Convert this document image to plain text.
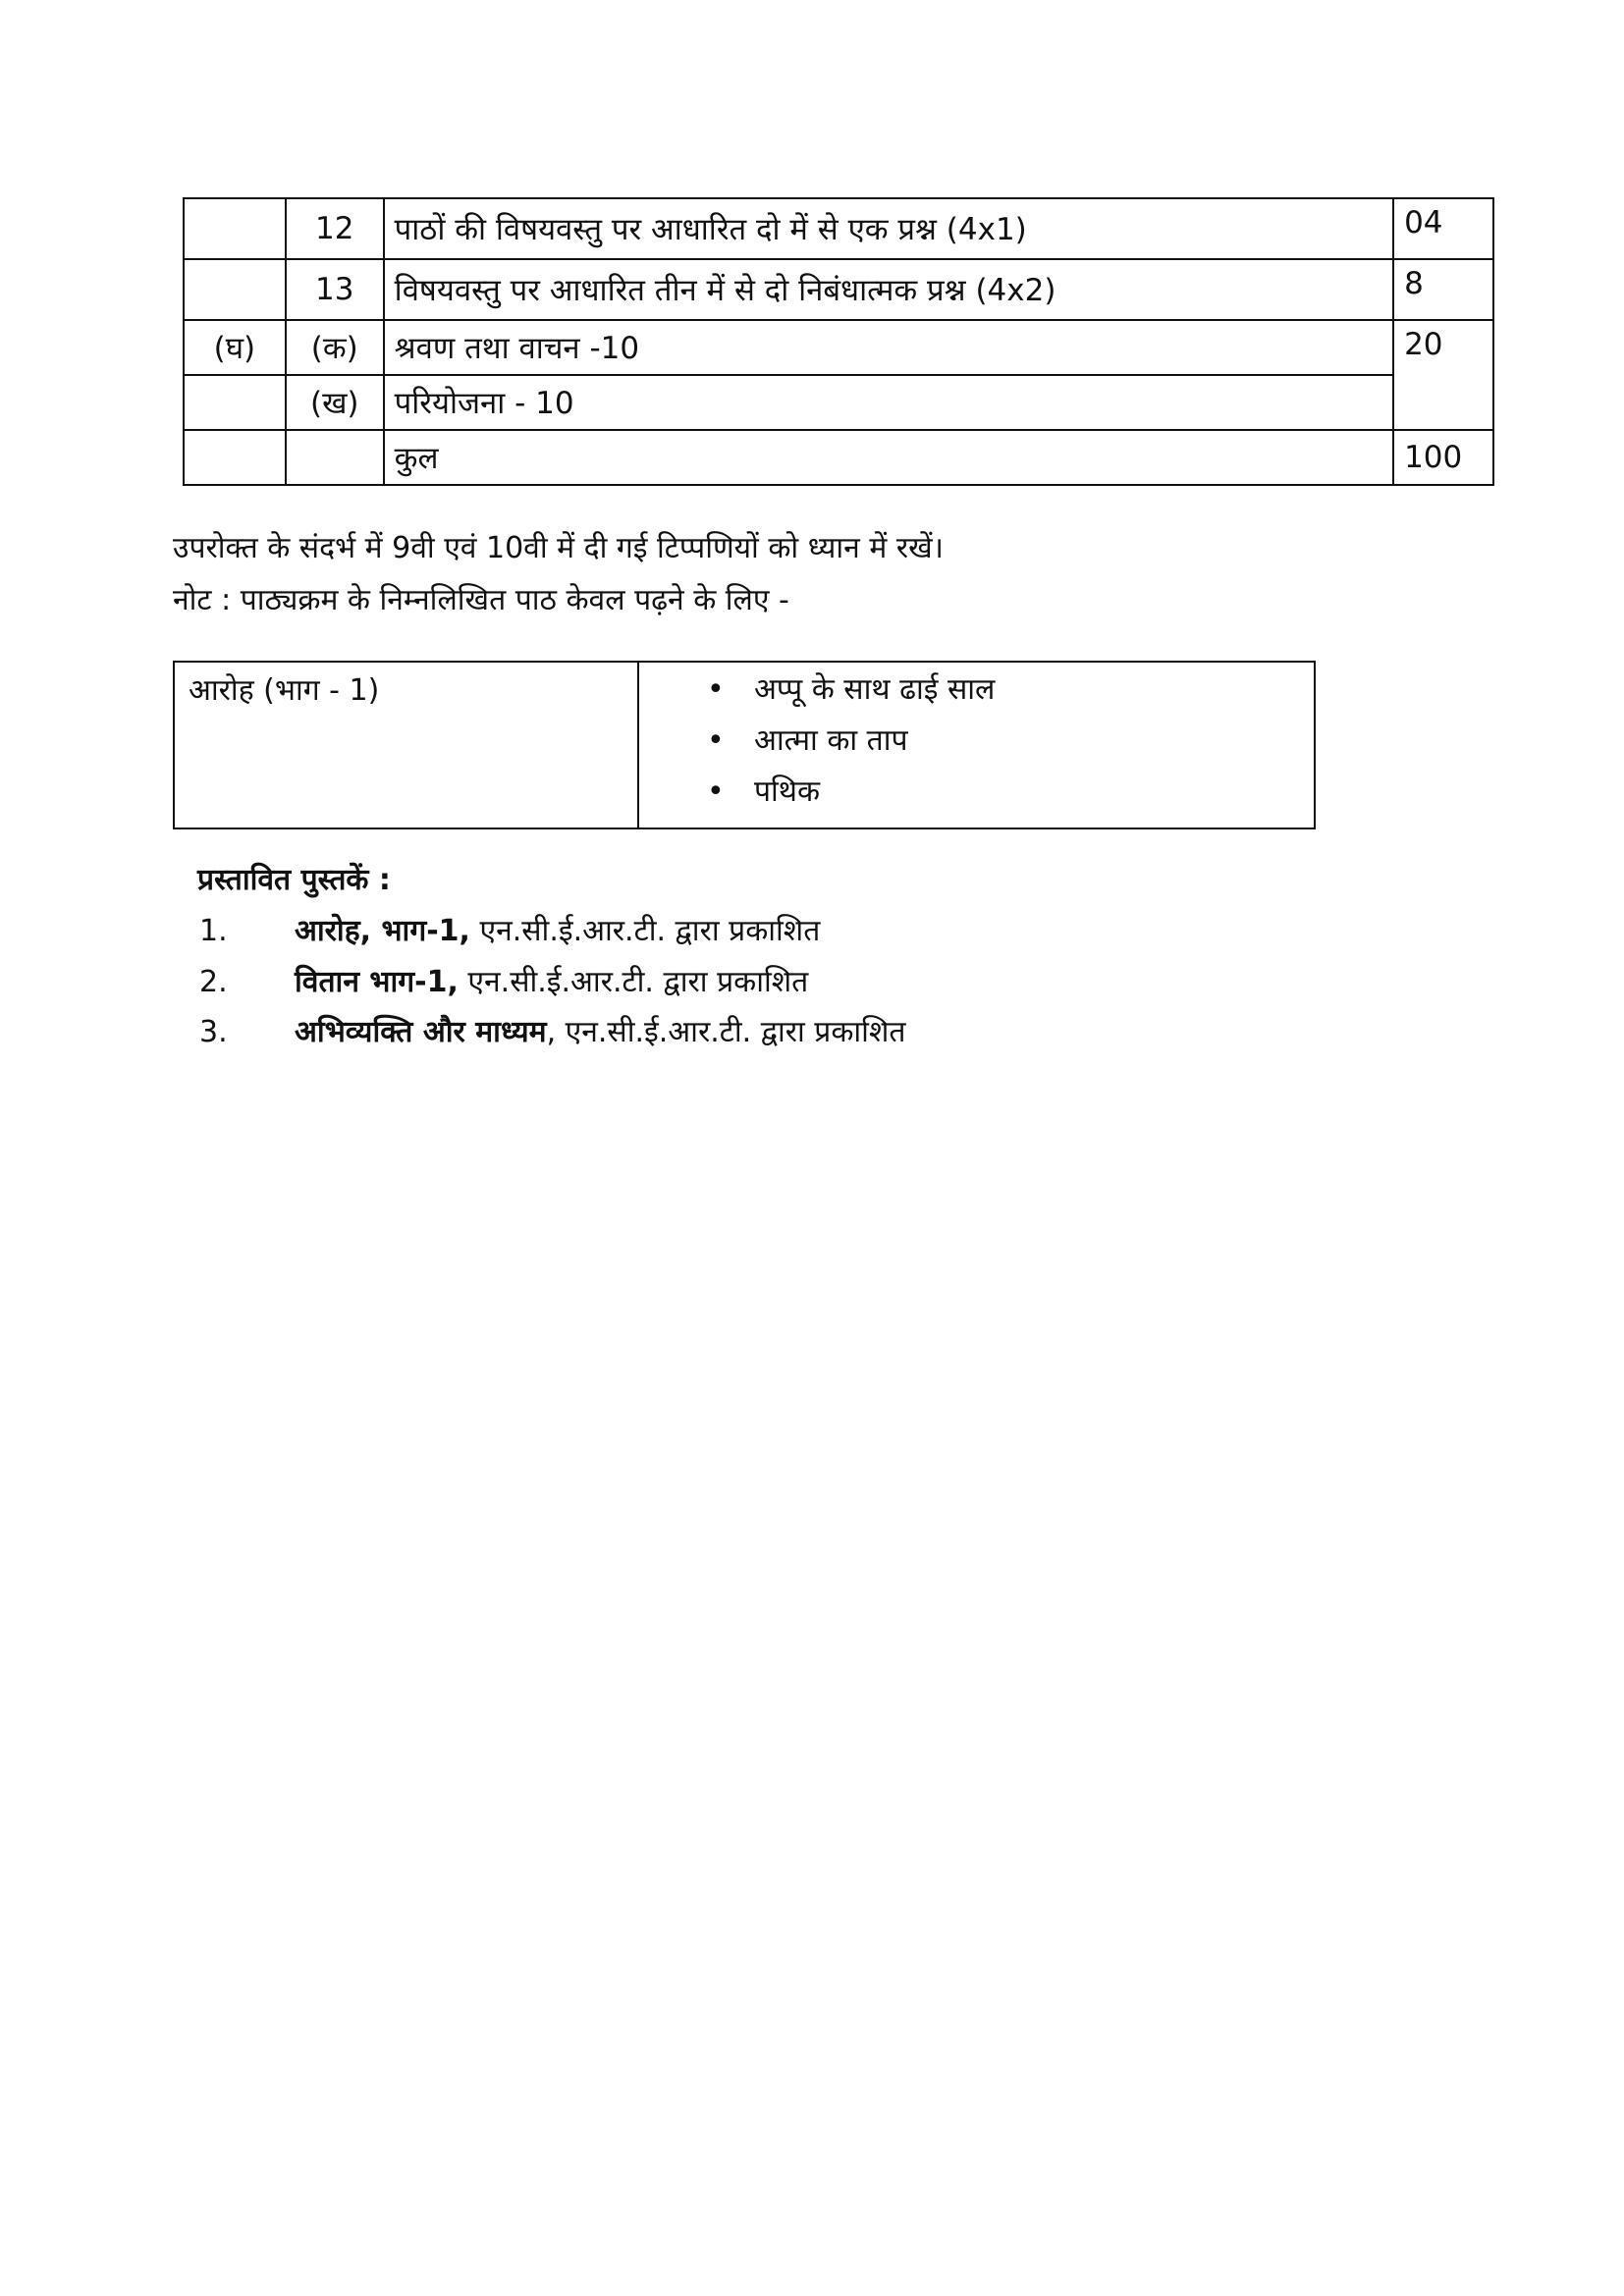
	12	पाठों की विषयवस्तु पर आधारित दो में से एक प्रश्न (4x1)	04
	13	विषयवस्तु पर आधारित तीन में से दो निबंधात्मक प्रश्न (4x2)	8
(घ)	(क)	श्रवण तथा वाचन -10	20
	(ख)	परियोजना - 10	
		कुल	100
उपरोक्त के संदर्भ में 9वी एवं 10वी में दी गई टिप्पणियों को ध्यान में रखें।
नोट : पाठ्यक्रम के निम्नलिखित पाठ केवल पढ़ने के लिए -
आरोह (भाग - 1)	• अप्पू के साथ ढाई साल
• आत्मा का ताप
• पथिक
प्रस्तावित पुस्तकें :
1. आरोह, भाग-1, एन.सी.ई.आर.टी. द्वारा प्रकाशित
2. वितान भाग-1, एन.सी.ई.आर.टी. द्वारा प्रकाशित
3. अभिव्यक्ति और माध्यम, एन.सी.ई.आर.टी. द्वारा प्रकाशित
